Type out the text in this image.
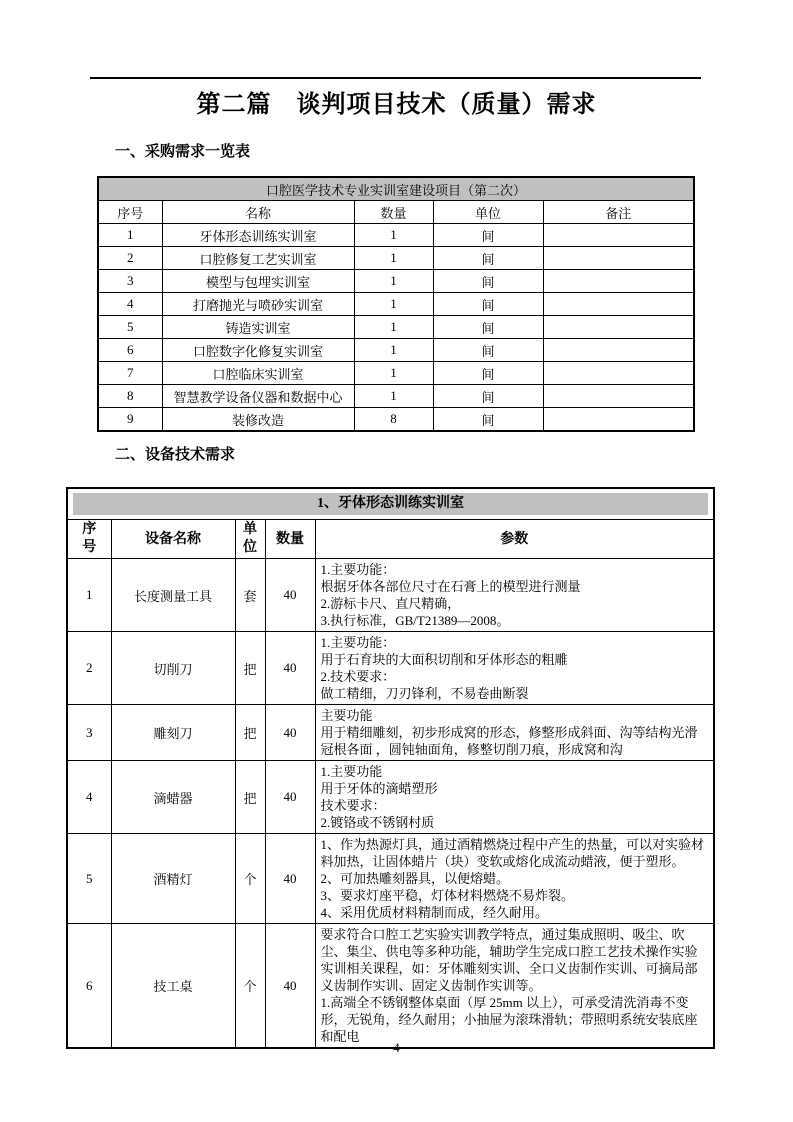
第二篇　谈判项目技术（质量）需求
一、采购需求一览表
口腔医学技术专业实训室建设项目（第二次）				
序号	名称	数量	单位	备注
1	牙体形态训练实训室	1	间	
2	口腔修复工艺实训室	1	间	
3	模型与包埋实训室	1	间	
4	打磨抛光与喷砂实训室	1	间	
5	铸造实训室	1	间	
6	口腔数字化修复实训室	1	间	
7	口腔临床实训室	1	间	
8	智慧教学设备仪器和数据中心	1	间	
9	装修改造	8	间	
二、设备技术需求
1、牙体形态训练实训室				

序号	设备名称	单位	数量	参数
1	长度测量工具	套	40	1.主要功能：
根据牙体各部位尺寸在石膏上的模型进行测量
2.游标卡尺、直尺精确，
3.执行标准，GB/T21389—2008。

2	切削刀	把	40	1.主要功能：
用于石育块的大面积切削和牙体形态的粗雕
2.技术要求：
做工精细，刀刃锋利，不易卷曲断裂

3	雕刻刀	把	40	主要功能
用于精细雕刻，初步形成窝的形态，修整形成斜面、沟等结构光滑冠根各面 ，圆钝轴面角，修整切削刀痕，形成窝和沟

4	滴蜡器	把	40	1.主要功能
用于牙体的滴蜡塑形
技术要求：
2.镀铬或不锈钢村质

5	酒精灯	个	40	1、作为热源灯具，通过酒精燃烧过程中产生的热量，可以对实验材料加热，让固体蜡片（块）变软或熔化成流动蜡液，便于塑形。
2、可加热雕刻器具，以便熔蜡。
3、要求灯座平稳，灯体材料燃烧不易炸裂。
4、采用优质材料精制而成，经久耐用。

6	技工桌	个	40	要求符合口腔工艺实验实训教学特点，通过集成照明、吸尘、吹尘、集尘、供电等多种功能，辅助学生完成口腔工艺技术操作实验实训相关课程，如：牙体雕刻实训、全口义齿制作实训、可摘局部义齿制作实训、固定义齿制作实训等。
1.高端全不锈钢整体桌面（厚 25mm 以上），可承受清洗消毒不变形，无锐角，经久耐用；小抽屉为滚珠滑轨；带照明系统安装底座和配电
4
